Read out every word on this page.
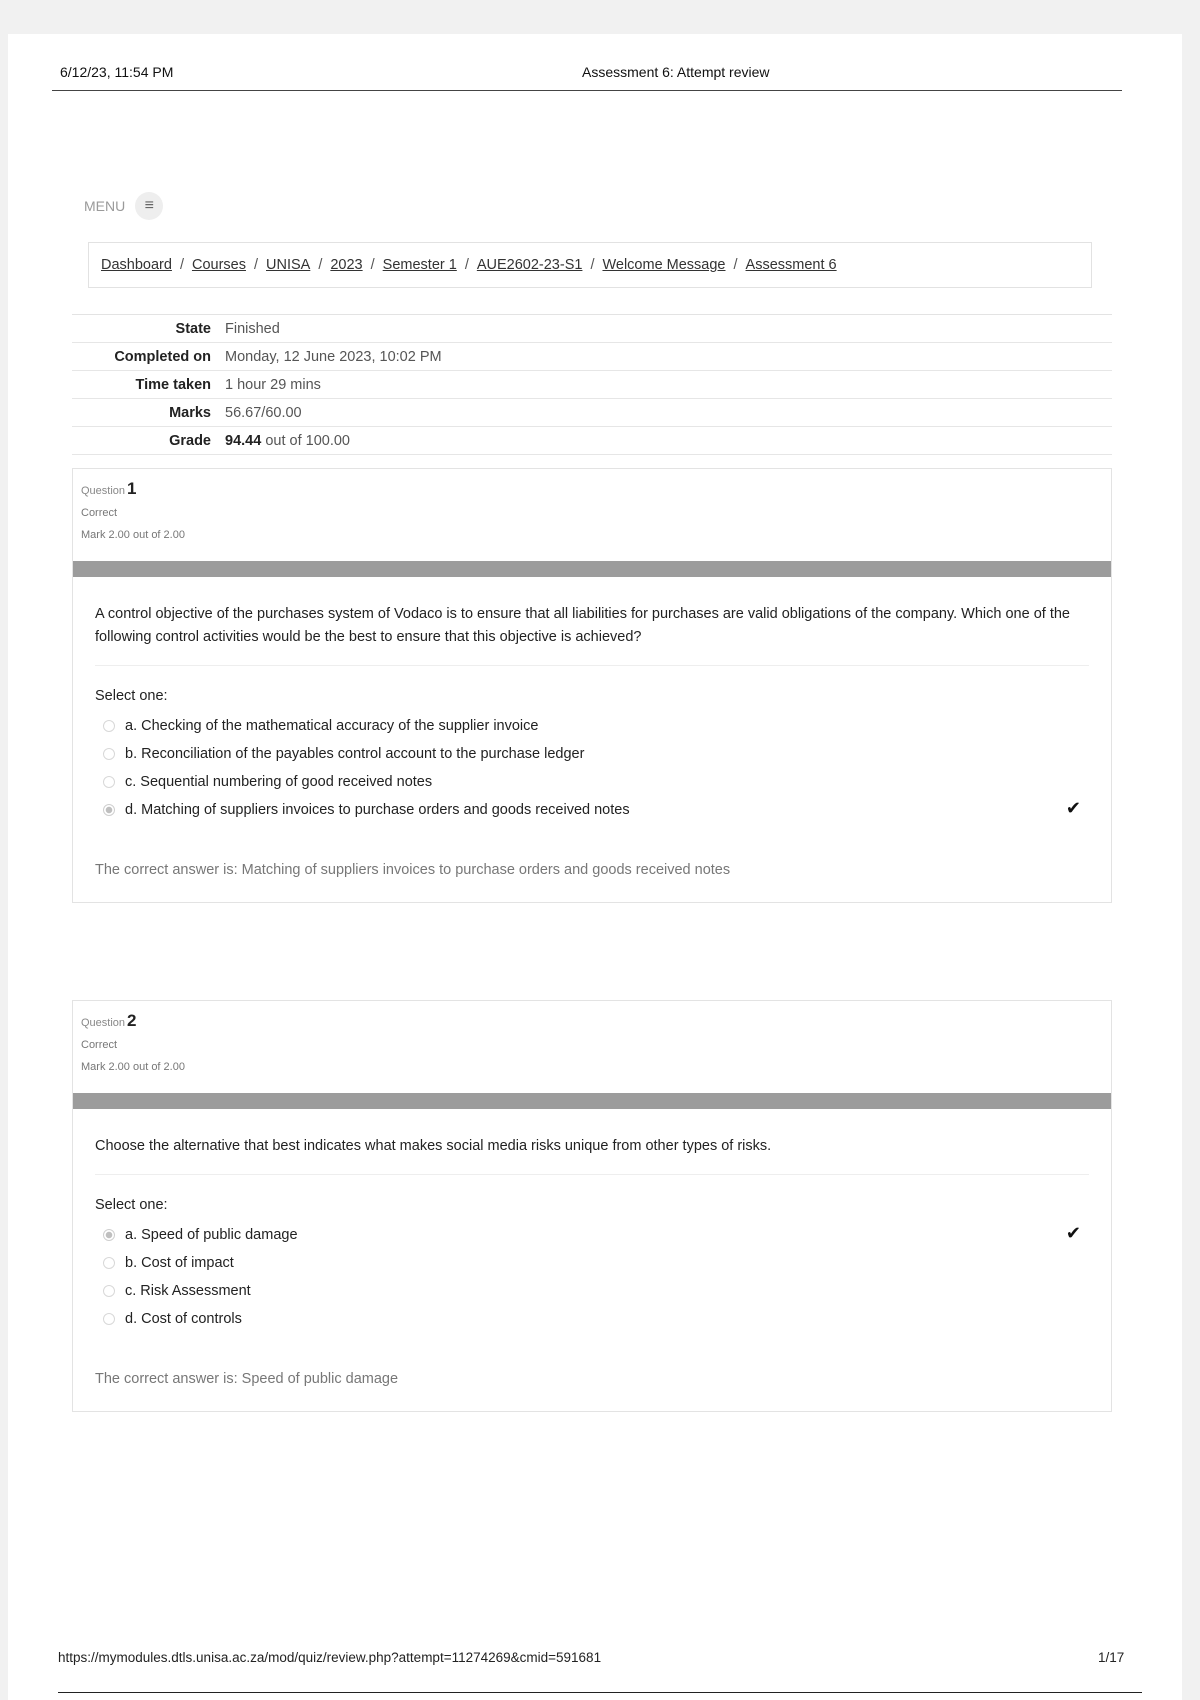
6/12/23, 11:54 PM	Assessment 6: Attempt review
MENU	≡
Dashboard / Courses / UNISA / 2023 / Semester 1 / AUE2602-23-S1 / Welcome Message / Assessment 6
State Finished
Completed on Monday, 12 June 2023, 10:02 PM
Time taken 1 hour 29 mins
Marks 56.67/60.00
Grade 94.44 out of 100.00
Question 1
Correct
Mark 2.00 out of 2.00
A control objective of the purchases system of Vodaco is to ensure that all liabilities for purchases are valid obligations of the company. Which one of the following control activities would be the best to ensure that this objective is achieved?
Select one:
a. Checking of the mathematical accuracy of the supplier invoice
b. Reconciliation of the payables control account to the purchase ledger
c. Sequential numbering of good received notes
d. Matching of suppliers invoices to purchase orders and goods received notes	✔
The correct answer is: Matching of suppliers invoices to purchase orders and goods received notes
Question 2
Correct
Mark 2.00 out of 2.00
Choose the alternative that best indicates what makes social media risks unique from other types of risks.
Select one:
a. Speed of public damage	✔
b. Cost of impact
c. Risk Assessment
d. Cost of controls
The correct answer is: Speed of public damage
https://mymodules.dtls.unisa.ac.za/mod/quiz/review.php?attempt=11274269&cmid=591681	1/17
